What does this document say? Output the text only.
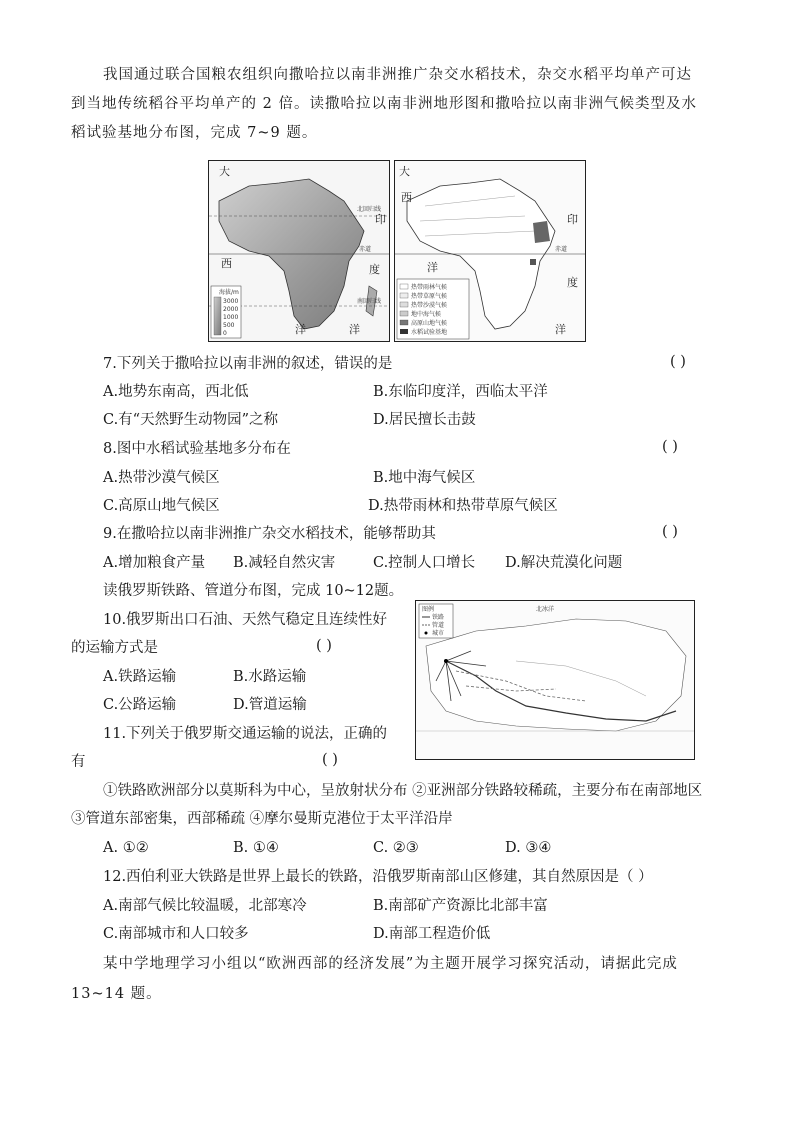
我国通过联合国粮农组织向撒哈拉以南非洲推广杂交水稻技术，杂交水稻平均单产可达
到当地传统稻谷平均单产的 2 倍。读撒哈拉以南非洲地形图和撒哈拉以南非洲气候类型及水
稻试验基地分布图，完成 7~9 题。
大
西
洋	洋
印
度
赤道
北回归线
南回归线
海拔/m
3000
2000
1000
500
0
大
西
洋
印
度
洋
赤道
热带雨林气候
热带草原气候
热带沙漠气候
地中海气候
高原山地气候
水稻试验基地
7.下列关于撒哈拉以南非洲的叙述，错误的是	( )
A.地势东南高，西北低	B.东临印度洋，西临太平洋
C.有“天然野生动物园”之称	D.居民擅长击鼓
8.图中水稻试验基地多分布在	( )
A.热带沙漠气候区	B.地中海气候区
C.高原山地气候区	D.热带雨林和热带草原气候区
9.在撒哈拉以南非洲推广杂交水稻技术，能够帮助其	( )
A.增加粮食产量 B.减轻自然灾害	C.控制人口增长 D.解决荒漠化问题
读俄罗斯铁路、管道分布图，完成 10~12题。
10.俄罗斯出口石油、天然气稳定且连续性好
的运输方式是	( )
A.铁路运输	B.水路运输
C.公路运输	D.管道运输
北冰洋
图例
铁路
管道
城市
11.下列关于俄罗斯交通运输的说法，正确的
有	( )
①铁路欧洲部分以莫斯科为中心，呈放射状分布 ②亚洲部分铁路较稀疏，主要分布在南部地区
③管道东部密集，西部稀疏 ④摩尔曼斯克港位于太平洋沿岸
A. ①②	B. ①④	C. ②③	D. ③④
12.西伯利亚大铁路是世界上最长的铁路，沿俄罗斯南部山区修建，其自然原因是（ ）
A.南部气候比较温暖，北部寒冷	B.南部矿产资源比北部丰富
C.南部城市和人口较多	D.南部工程造价低
某中学地理学习小组以“欧洲西部的经济发展”为主题开展学习探究活动，请据此完成
13~14 题。
